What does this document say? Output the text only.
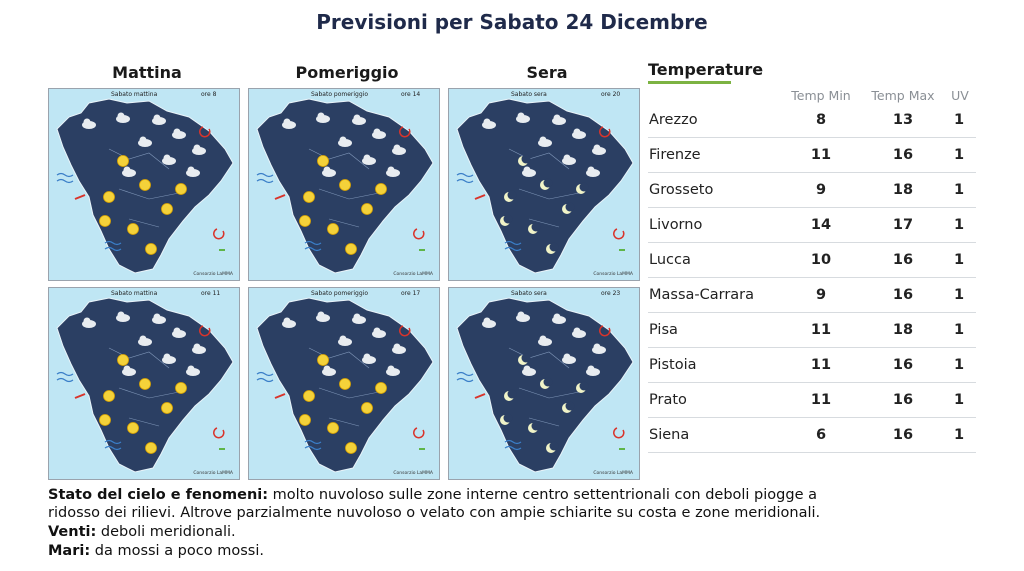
Previsioni per Sabato 24 Dicembre
Mattina	Pomeriggio	Sera
Sabato mattina	ore 8
Consorzio LaMMA
Sabato pomeriggio	ore 14
Consorzio LaMMA
Sabato sera	ore 20
Consorzio LaMMA
Sabato mattina	ore 11
Consorzio LaMMA
Sabato pomeriggio	ore 17
Consorzio LaMMA
Sabato sera	ore 23
Consorzio LaMMA
Temperature
Temp Min	Temp Max	UV
Arezzo	8	13	1
Firenze	11	16	1
Grosseto	9	18	1
Livorno	14	17	1
Lucca	10	16	1
Massa-Carrara	9	16	1
Pisa	11	18	1
Pistoia	11	16	1
Prato	11	16	1
Siena	6	16	1
Stato del cielo e fenomeni: molto nuvoloso sulle zone interne centro settentrionali con deboli piogge a
ridosso dei rilievi. Altrove parzialmente nuvoloso o velato con ampie schiarite su costa e zone meridionali.
Venti: deboli meridionali.
Mari: da mossi a poco mossi.
